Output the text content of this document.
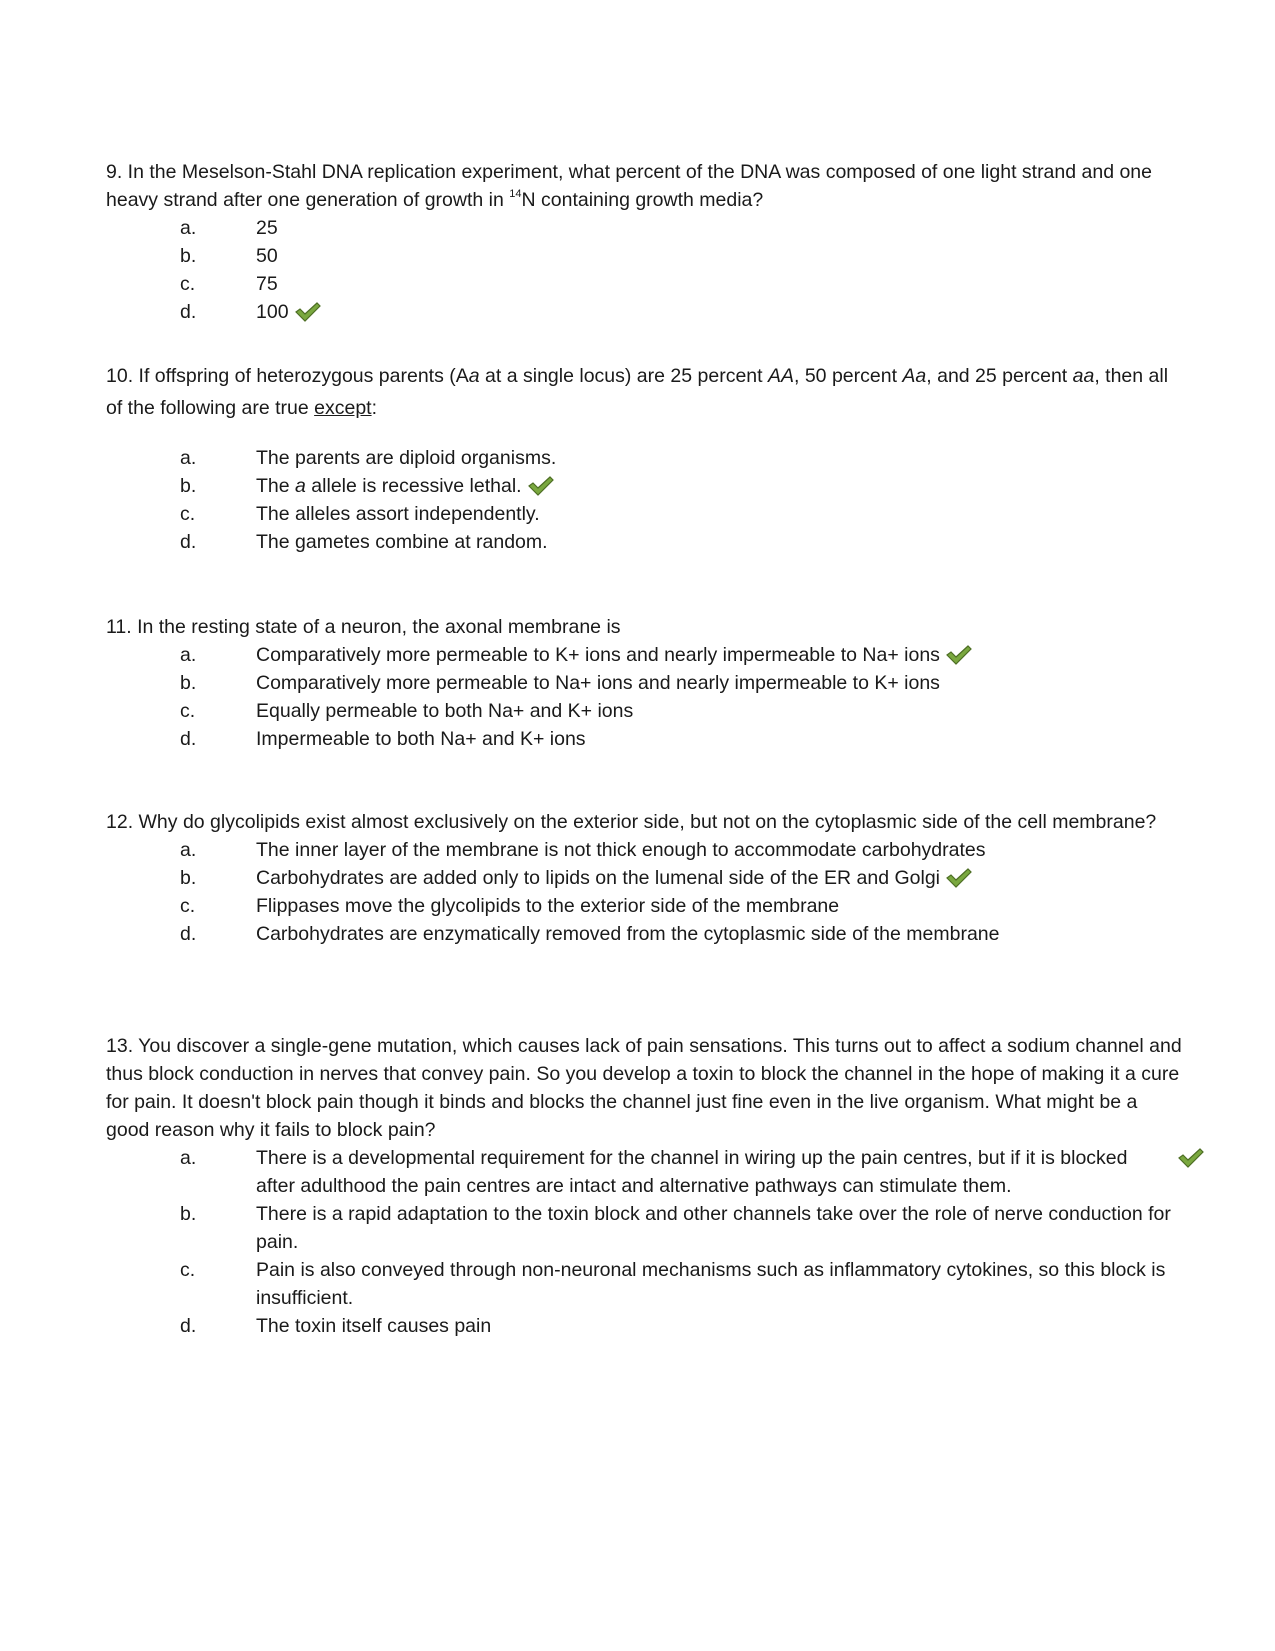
9. In the Meselson-Stahl DNA replication experiment, what percent of the DNA was composed of one light strand and one heavy strand after one generation of growth in $^{14}$N containing growth media?

a.	25
b.	50
c.	75
d.	100

10. If offspring of heterozygous parents (Aa at a single locus) are 25 percent AA, 50 percent Aa, and 25 percent aa, then all of the following are true except:

a.	The parents are diploid organisms.
b.	The a allele is recessive lethal.
c.	The alleles assort independently.
d.	The gametes combine at random.

11. In the resting state of a neuron, the axonal membrane is

a.	Comparatively more permeable to K+ ions and nearly impermeable to Na+ ions
b.	Comparatively more permeable to Na+ ions and nearly impermeable to K+ ions
c.	Equally permeable to both Na+ and K+ ions
d.	Impermeable to both Na+ and K+ ions

12. Why do glycolipids exist almost exclusively on the exterior side, but not on the cytoplasmic side of the cell membrane?

a.	The inner layer of the membrane is not thick enough to accommodate carbohydrates
b.	Carbohydrates are added only to lipids on the lumenal side of the ER and Golgi
c.	Flippases move the glycolipids to the exterior side of the membrane
d.	Carbohydrates are enzymatically removed from the cytoplasmic side of the membrane

13. You discover a single-gene mutation, which causes lack of pain sensations. This turns out to affect a sodium channel and thus block conduction in nerves that convey pain. So you develop a toxin to block the channel in the hope of making it a cure for pain. It doesn't block pain though it binds and blocks the channel just fine even in the live organism. What might be a good reason why it fails to block pain?

a.	There is a developmental requirement for the channel in wiring up the pain centres, but if it is blocked after adulthood the pain centres are intact and alternative pathways can stimulate them.
b.	There is a rapid adaptation to the toxin block and other channels take over the role of nerve conduction for pain.
c.	Pain is also conveyed through non-neuronal mechanisms such as inflammatory cytokines, so this block is insufficient.
d.	The toxin itself causes pain
